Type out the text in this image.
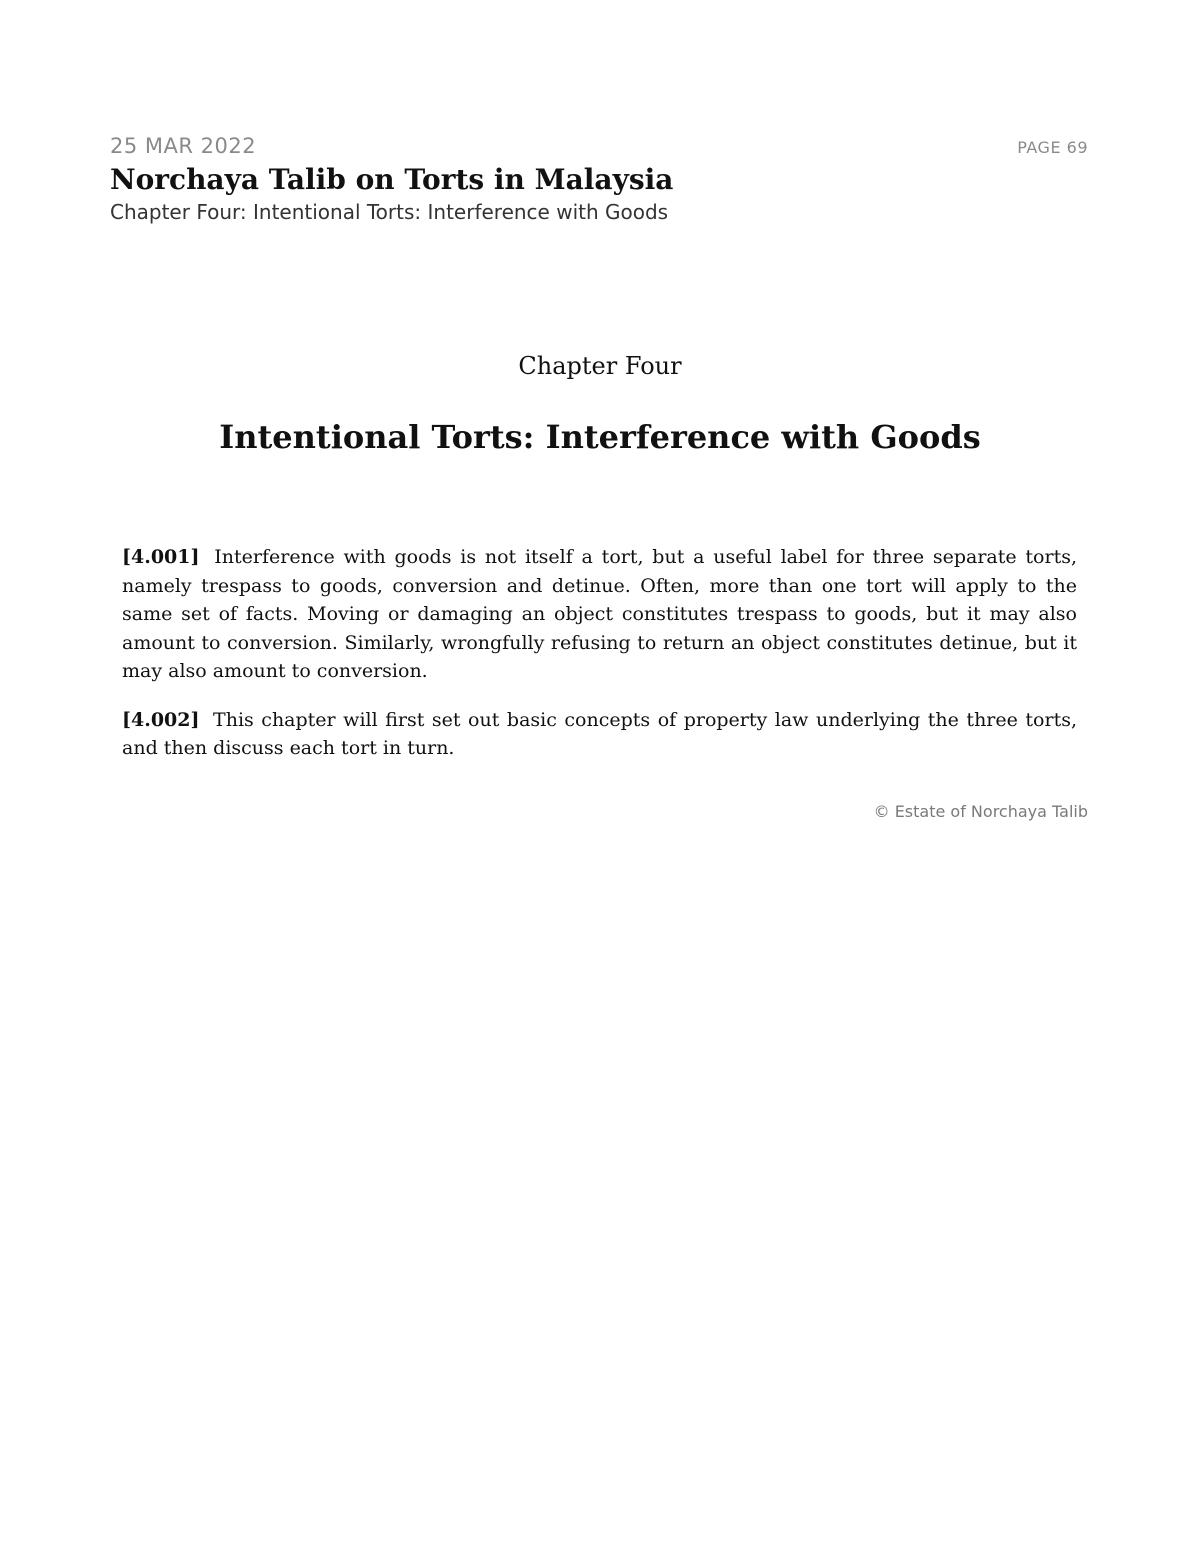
25 MAR 2022	PAGE 69
Norchaya Talib on Torts in Malaysia
Chapter Four: Intentional Torts: Interference with Goods
Chapter Four
Intentional Torts: Interference with Goods

[4.001] Interference with goods is not itself a tort, but a useful label for three separate torts, namely trespass to goods, conversion and detinue. Often, more than one tort will apply to the same set of facts. Moving or damaging an object constitutes trespass to goods, but it may also amount to conversion. Similarly, wrongfully refusing to return an object constitutes detinue, but it may also amount to conversion.

[4.002] This chapter will first set out basic concepts of property law underlying the three torts, and then discuss each tort in turn.

© Estate of Norchaya Talib
